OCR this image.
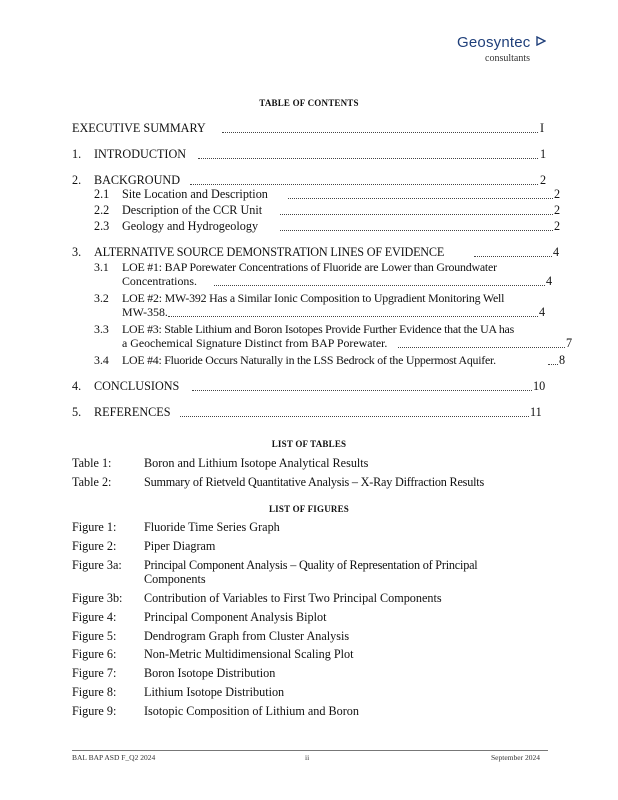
Geosyntec
consultants
TABLE OF CONTENTS
EXECUTIVE SUMMARY	I
1. INTRODUCTION	1
2. BACKGROUND	2
2.1 Site Location and Description	2
2.2 Description of the CCR Unit	2
2.3 Geology and Hydrogeology	2
3. ALTERNATIVE SOURCE DEMONSTRATION LINES OF EVIDENCE	4
3.1 LOE #1: BAP Porewater Concentrations of Fluoride are Lower than Groundwater
Concentrations.	4
3.2 LOE #2: MW-392 Has a Similar Ionic Composition to Upgradient Monitoring Well
MW-358.	4
3.3 LOE #3: Stable Lithium and Boron Isotopes Provide Further Evidence that the UA has
a Geochemical Signature Distinct from BAP Porewater.	7
3.4 LOE #4: Fluoride Occurs Naturally in the LSS Bedrock of the Uppermost Aquifer.	8
4. CONCLUSIONS	10
5. REFERENCES	11
LIST OF TABLES
Table 1:	Boron and Lithium Isotope Analytical Results
Table 2:	Summary of Rietveld Quantitative Analysis – X-Ray Diffraction Results
LIST OF FIGURES
Figure 1: Fluoride Time Series Graph
Figure 2: Piper Diagram
Figure 3a: Principal Component Analysis – Quality of Representation of Principal
Components
Figure 3b: Contribution of Variables to First Two Principal Components
Figure 4: Principal Component Analysis Biplot
Figure 5: Dendrogram Graph from Cluster Analysis
Figure 6: Non-Metric Multidimensional Scaling Plot
Figure 7: Boron Isotope Distribution
Figure 8: Lithium Isotope Distribution
Figure 9: Isotopic Composition of Lithium and Boron
BAL BAP ASD F_Q2 2024	ii	September 2024
